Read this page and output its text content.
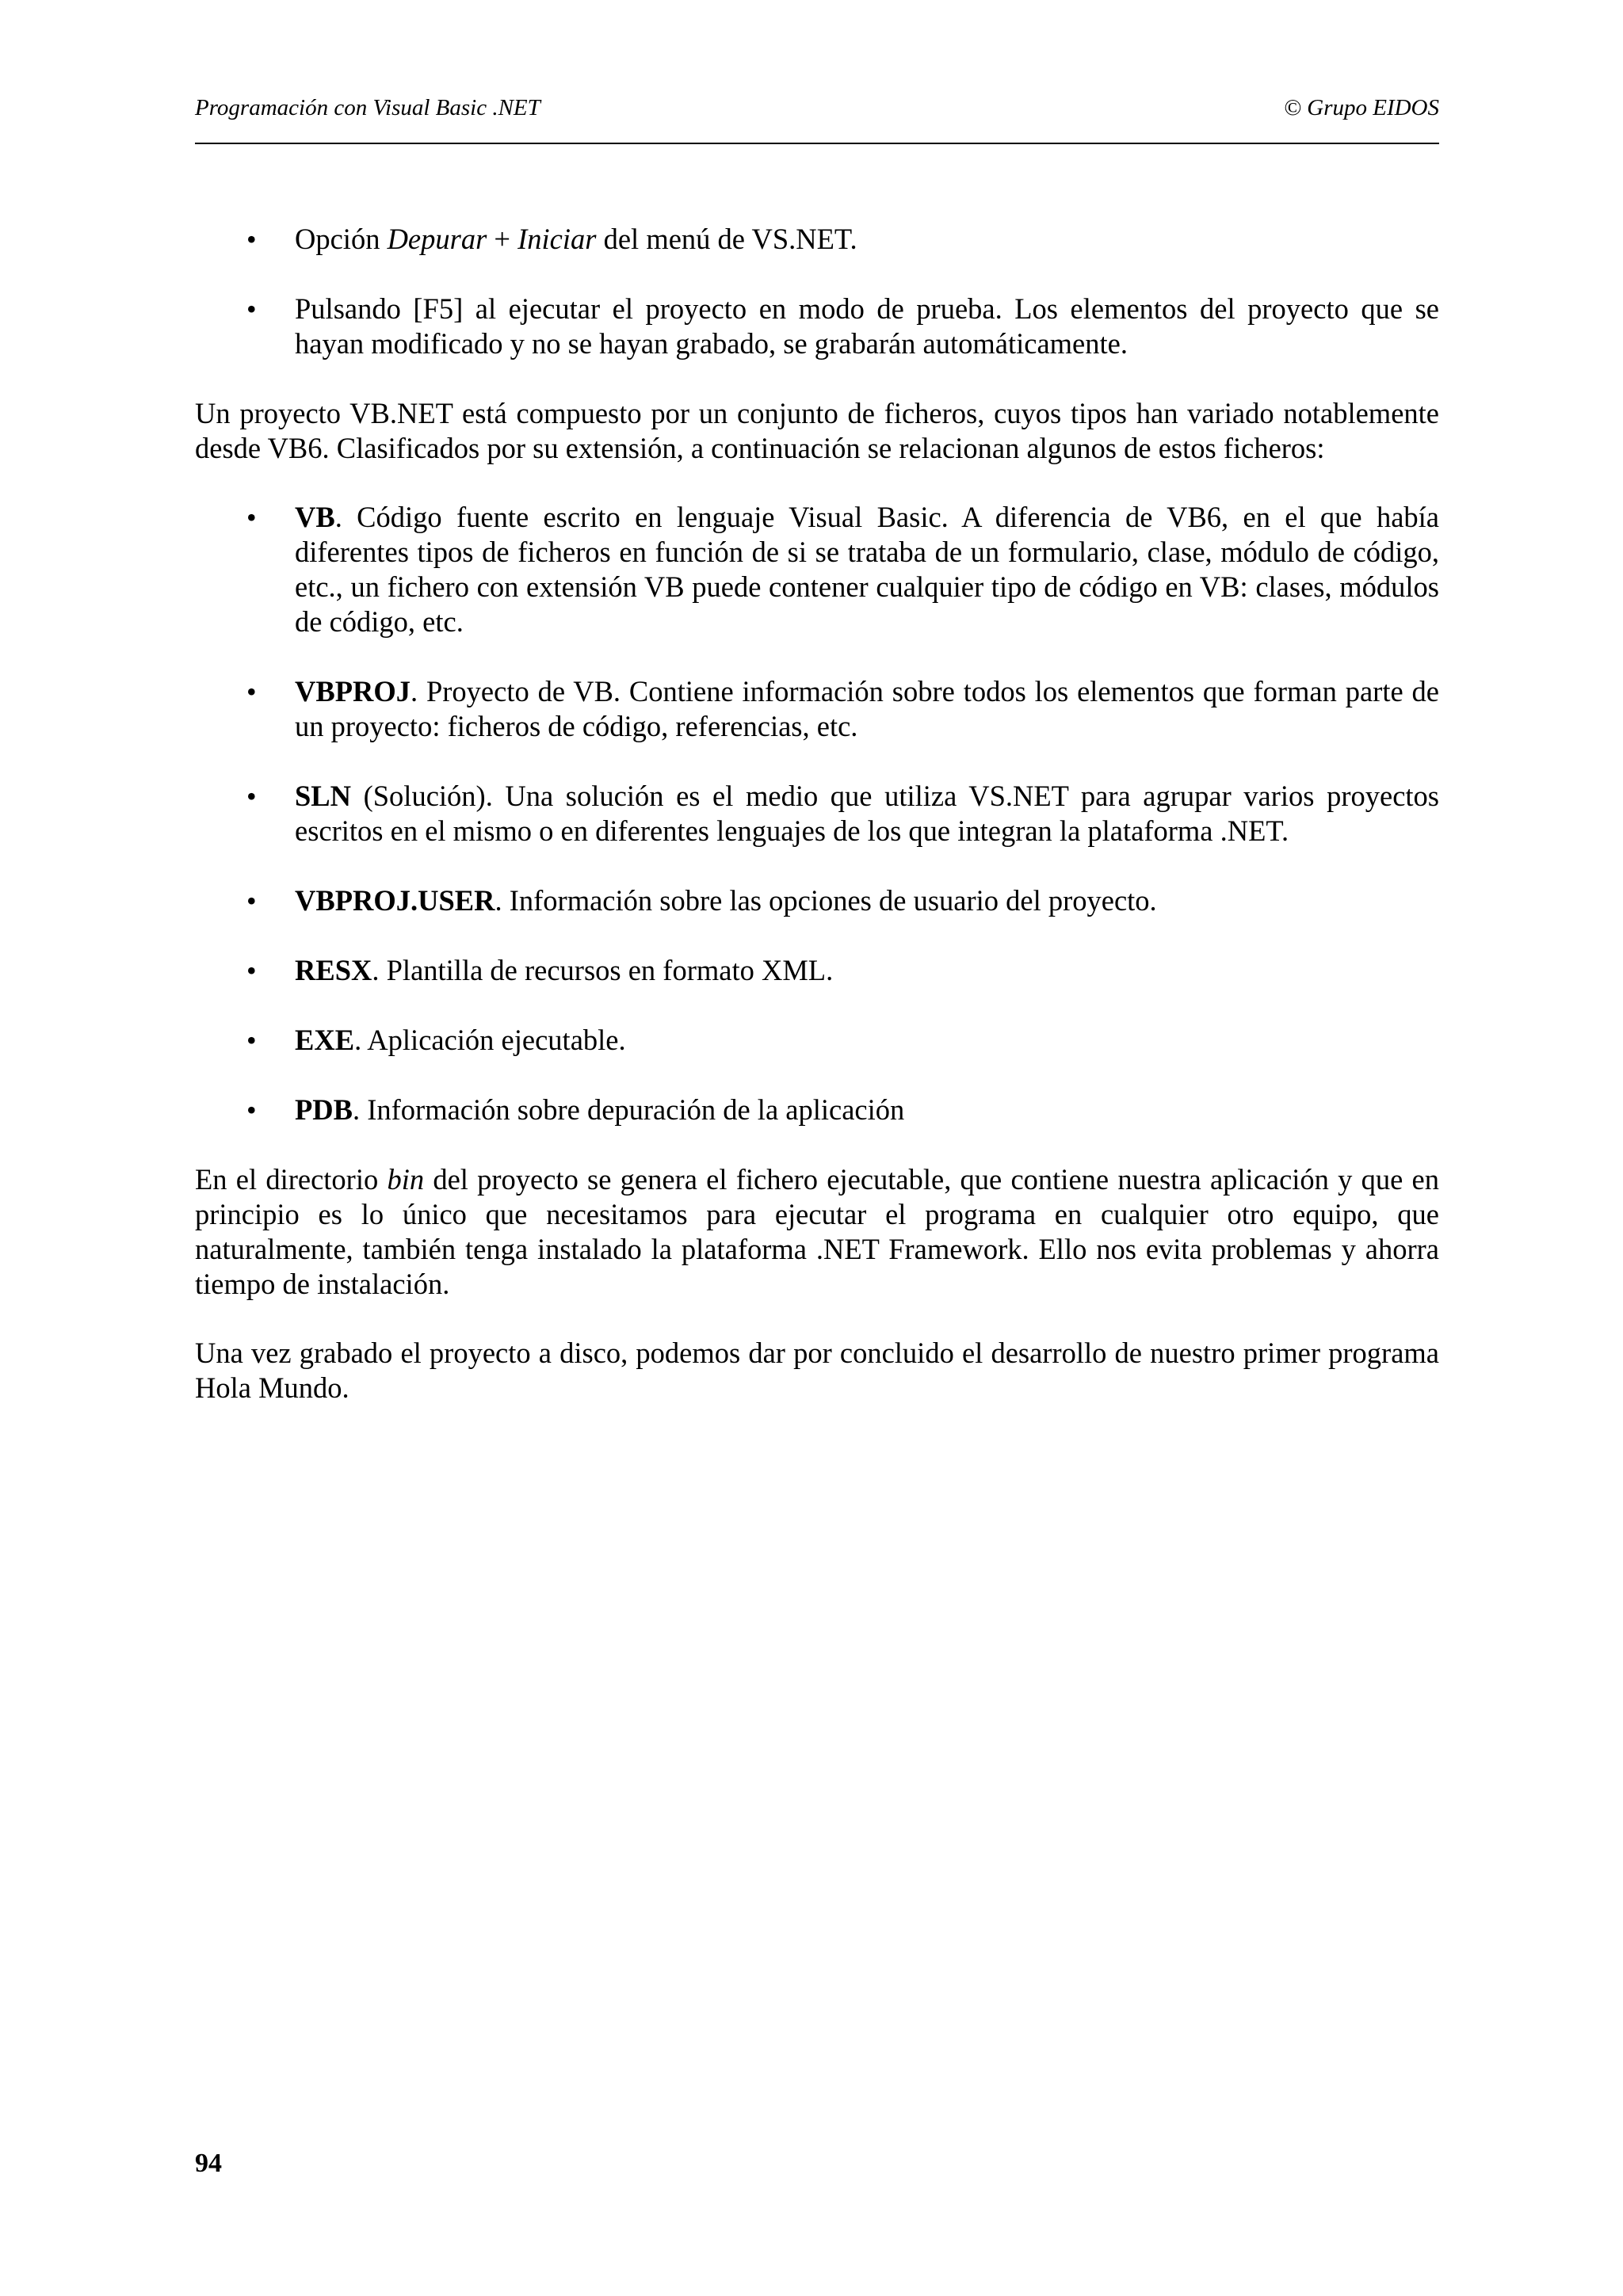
Programación con Visual Basic .NET	© Grupo EIDOS
• Opción Depurar + Iniciar del menú de VS.NET.
• Pulsando [F5] al ejecutar el proyecto en modo de prueba. Los elementos del proyecto que se hayan modificado y no se hayan grabado, se grabarán automáticamente.

Un proyecto VB.NET está compuesto por un conjunto de ficheros, cuyos tipos han variado notablemente desde VB6. Clasificados por su extensión, a continuación se relacionan algunos de estos ficheros:

• VB. Código fuente escrito en lenguaje Visual Basic. A diferencia de VB6, en el que había diferentes tipos de ficheros en función de si se trataba de un formulario, clase, módulo de código, etc., un fichero con extensión VB puede contener cualquier tipo de código en VB: clases, módulos de código, etc.
• VBPROJ. Proyecto de VB. Contiene información sobre todos los elementos que forman parte de un proyecto: ficheros de código, referencias, etc.
• SLN (Solución). Una solución es el medio que utiliza VS.NET para agrupar varios proyectos escritos en el mismo o en diferentes lenguajes de los que integran la plataforma .NET.
• VBPROJ.USER. Información sobre las opciones de usuario del proyecto.
• RESX. Plantilla de recursos en formato XML.
• EXE. Aplicación ejecutable.
• PDB. Información sobre depuración de la aplicación

En el directorio bin del proyecto se genera el fichero ejecutable, que contiene nuestra aplicación y que en principio es lo único que necesitamos para ejecutar el programa en cualquier otro equipo, que naturalmente, también tenga instalado la plataforma .NET Framework. Ello nos evita problemas y ahorra tiempo de instalación.

Una vez grabado el proyecto a disco, podemos dar por concluido el desarrollo de nuestro primer programa Hola Mundo.

94
